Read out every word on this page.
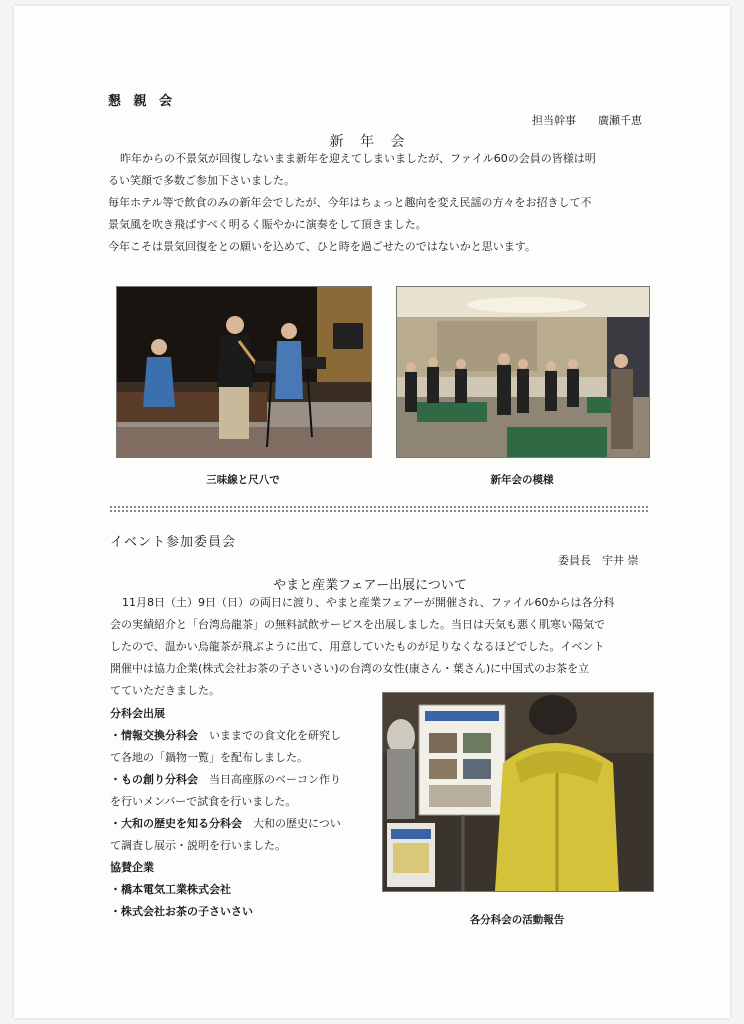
懇 親 会
担当幹事　　廣瀬千恵
新 年 会
昨年からの不景気が回復しないまま新年を迎えてしまいましたが、ファイル60の会員の皆様は明
るい笑顔で多数ご参加下さいました。
毎年ホテル等で飲食のみの新年会でしたが、今年はちょっと趣向を変え民謡の方々をお招きして不
景気風を吹き飛ばすべく明るく賑やかに演奏をして頂きました。
今年こそは景気回復をとの願いを込めて、ひと時を過ごせたのではないかと思います。
三味線と尺八で	新年会の模様
イベント参加委員会
委員長　宇井 崇
やまと産業フェアー出展について
11月8日（土）9日（日）の両日に渡り、やまと産業フェアーが開催され、ファイル60からは各分科
会の実績紹介と「台湾烏龍茶」の無料試飲サービスを出展しました。当日は天気も悪く肌寒い陽気で
したので、温かい烏龍茶が飛ぶように出て、用意していたものが足りなくなるほどでした。イベント
開催中は協力企業(株式会社お茶の子さいさい)の台湾の女性(康さん・葉さん)に中国式のお茶を立
てていただきました。
分科会出展
・情報交換分科会　 いままでの食文化を研究し
て各地の「鍋物一覧」を配布しました。
・もの創り分科会　 当日高座豚のベーコン作り
を行いメンバーで試食を行いました。
・大和の歴史を知る分科会　 大和の歴史につい
て調査し展示・説明を行いました。
協賛企業
・橋本電気工業株式会社
・株式会社お茶の子さいさい
各分科会の活動報告
